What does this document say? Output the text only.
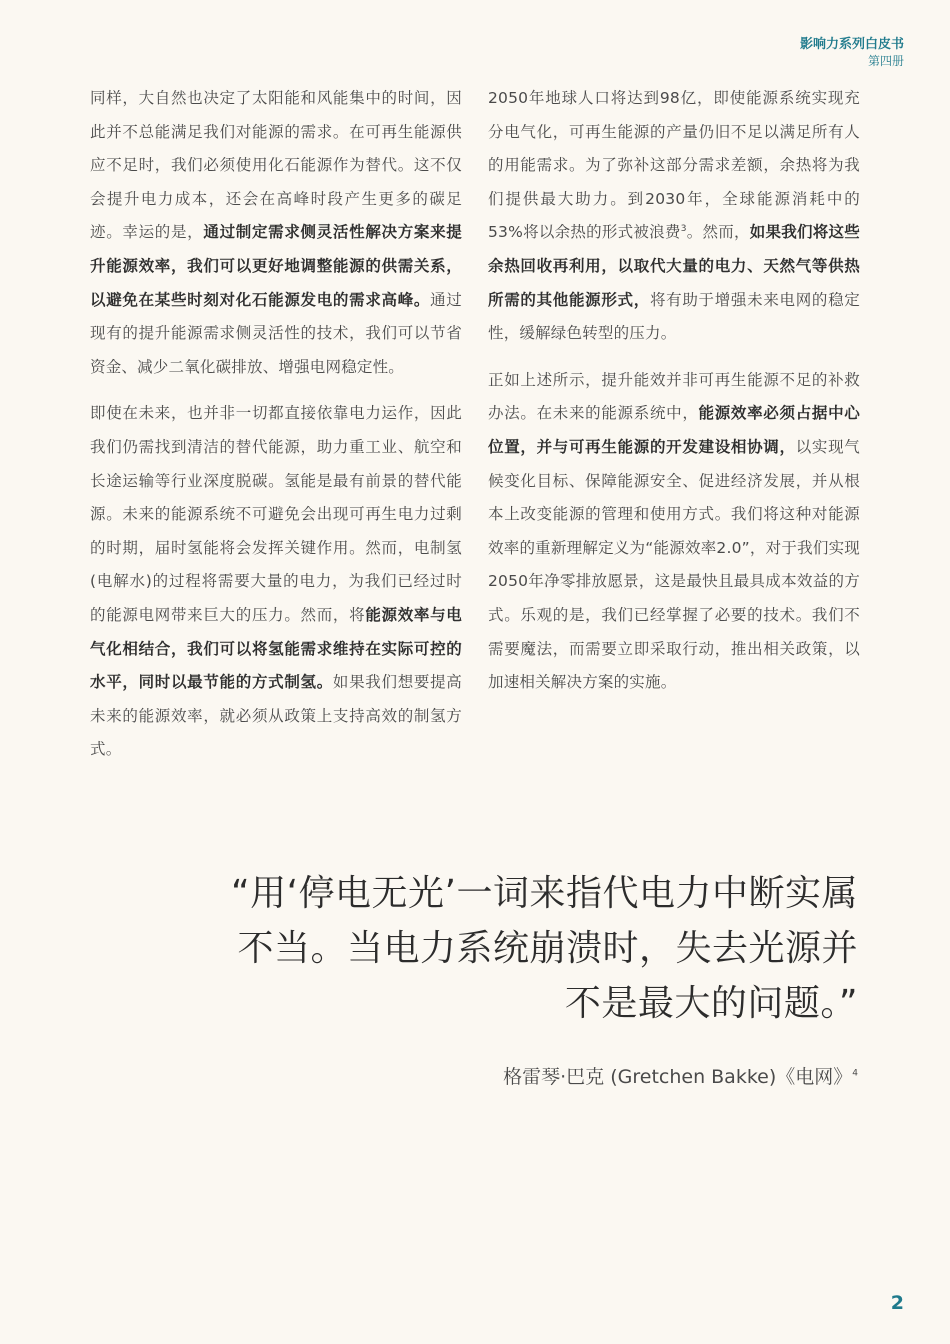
影响力系列白皮书
第四册

同样，大自然也决定了太阳能和风能集中的时间，因此并不总能满足我们对能源的需求。在可再生能源供应不足时，我们必须使用化石能源作为替代。这不仅会提升电力成本，还会在高峰时段产生更多的碳足迹。幸运的是，通过制定需求侧灵活性解决方案来提升能源效率，我们可以更好地调整能源的供需关系，以避免在某些时刻对化石能源发电的需求高峰。通过现有的提升能源需求侧灵活性的技术，我们可以节省资金、减少二氧化碳排放、增强电网稳定性。

即使在未来，也并非一切都直接依靠电力运作，因此我们仍需找到清洁的替代能源，助力重工业、航空和长途运输等行业深度脱碳。氢能是最有前景的替代能源。未来的能源系统不可避免会出现可再生电力过剩的时期，届时氢能将会发挥关键作用。然而，电制氢(电解水)的过程将需要大量的电力，为我们已经过时的能源电网带来巨大的压力。然而，将能源效率与电气化相结合，我们可以将氢能需求维持在实际可控的水平，同时以最节能的方式制氢。如果我们想要提高未来的能源效率，就必须从政策上支持高效的制氢方式。

2050年地球人口将达到98亿，即使能源系统实现充分电气化，可再生能源的产量仍旧不足以满足所有人的用能需求。为了弥补这部分需求差额，余热将为我们提供最大助力。到2030年，全球能源消耗中的53%将以余热的形式被浪费$^3$。然而，如果我们将这些余热回收再利用，以取代大量的电力、天然气等供热所需的其他能源形式，将有助于增强未来电网的稳定性，缓解绿色转型的压力。

正如上述所示，提升能效并非可再生能源不足的补救办法。在未来的能源系统中，能源效率必须占据中心位置，并与可再生能源的开发建设相协调，以实现气候变化目标、保障能源安全、促进经济发展，并从根本上改变能源的管理和使用方式。我们将这种对能源效率的重新理解定义为“能源效率2.0”，对于我们实现2050年净零排放愿景，这是最快且最具成本效益的方式。乐观的是，我们已经掌握了必要的技术。我们不需要魔法，而需要立即采取行动，推出相关政策，以加速相关解决方案的实施。

“用‘停电无光’一词来指代电力中断实属不当。当电力系统崩溃时，失去光源并不是最大的问题。”
格雷琴·巴克 (Gretchen Bakke)《电网》$^4$
2
